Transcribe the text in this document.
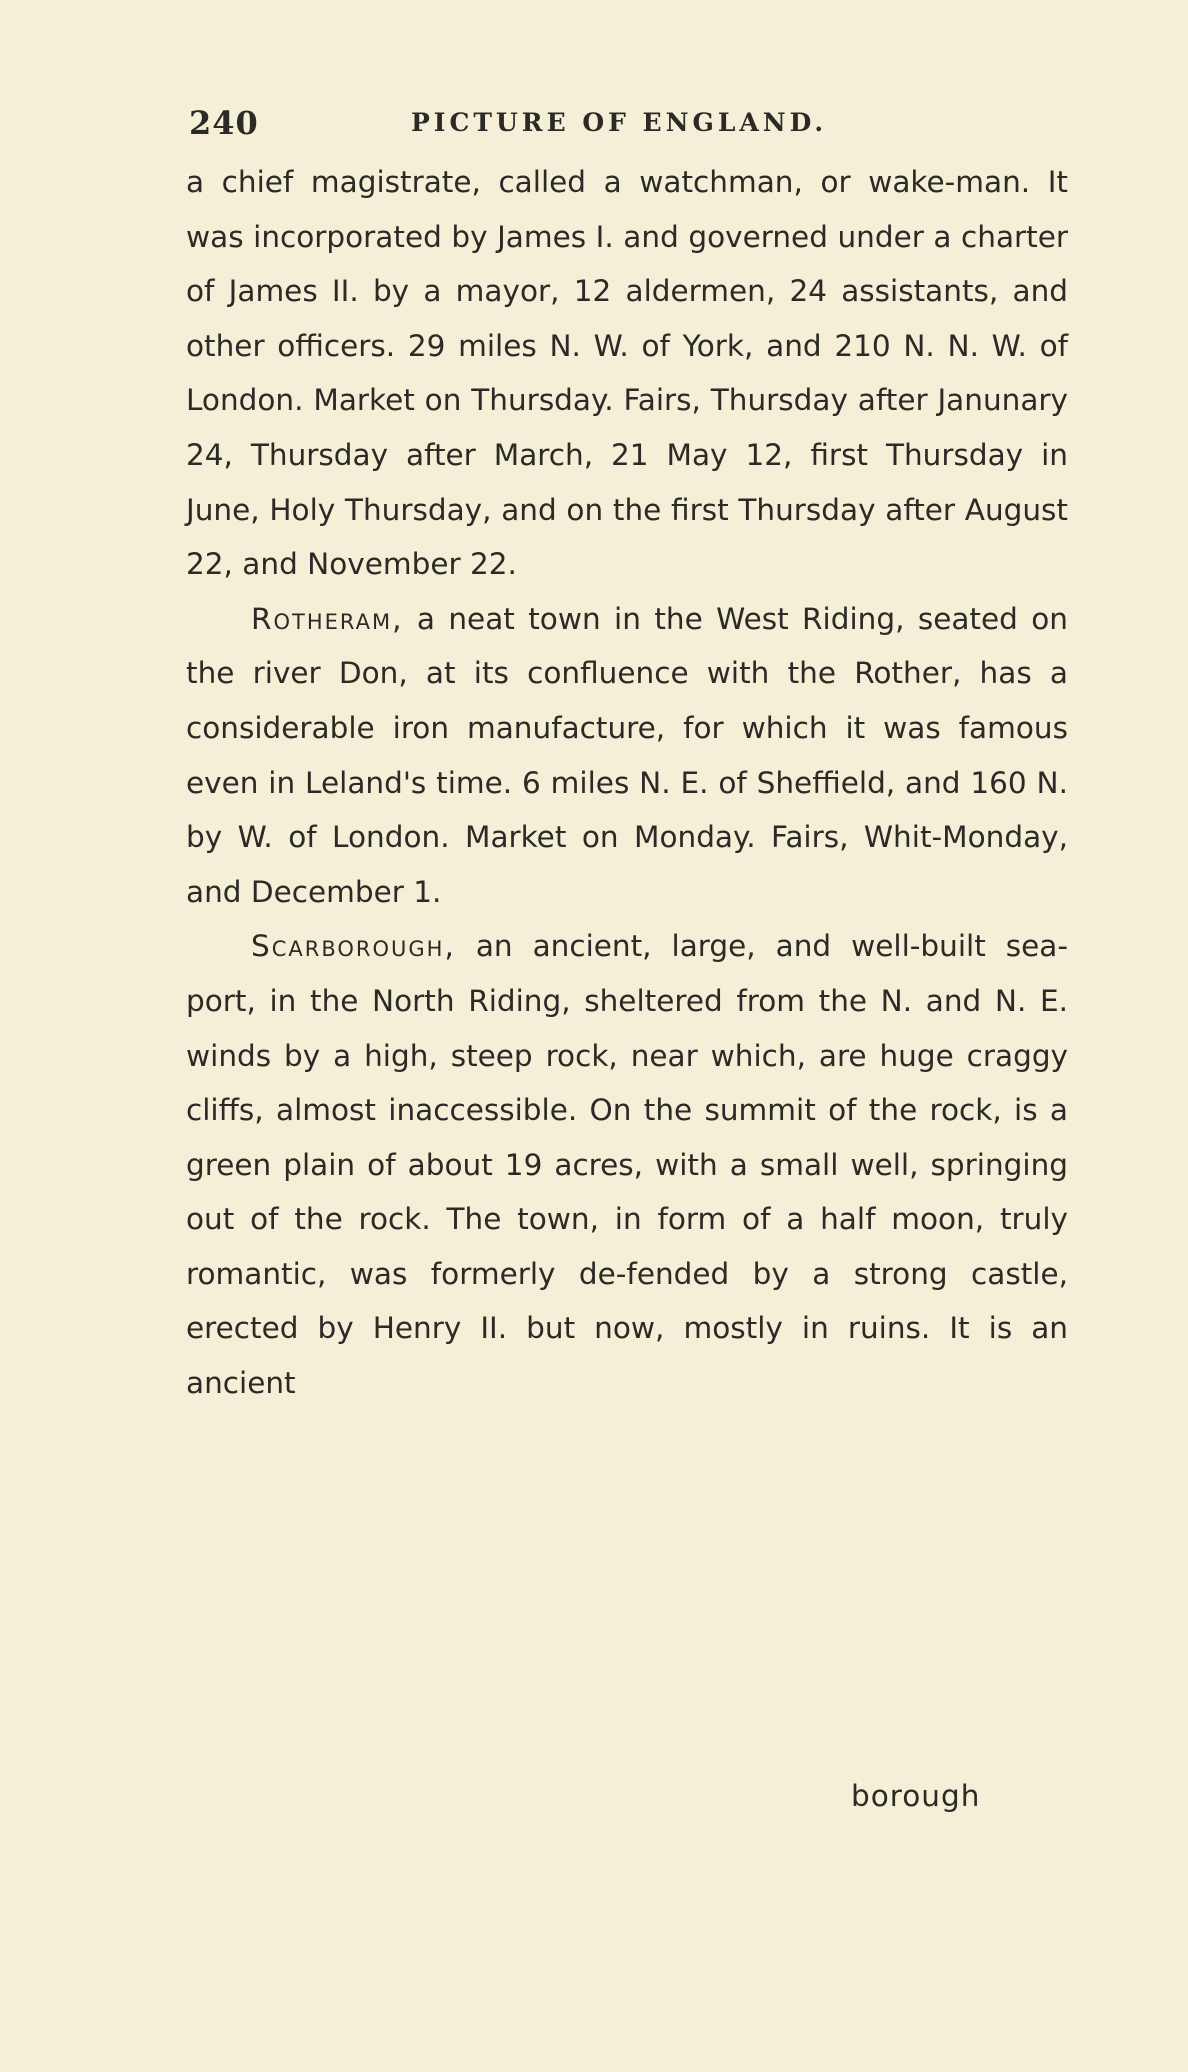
240	PICTURE OF ENGLAND.

a chief magistrate, called a watchman, or wake-man. It was incorporated by James I. and governed under a charter of James II. by a mayor, 12 aldermen, 24 assistants, and other officers. 29 miles N. W. of York, and 210 N. N. W. of London. Market on Thursday. Fairs, Thursday after Janunary 24, Thursday after March, 21 May 12, first Thursday in June, Holy Thursday, and on the first Thursday after August 22, and November 22.

Rotheram, a neat town in the West Riding, seated on the river Don, at its confluence with the Rother, has a considerable iron manufacture, for which it was famous even in Leland's time. 6 miles N. E. of Sheffield, and 160 N. by W. of London. Market on Monday. Fairs, Whit-Monday, and December 1.

Scarborough, an ancient, large, and well-built sea-port, in the North Riding, sheltered from the N. and N. E. winds by a high, steep rock, near which, are huge craggy cliffs, almost inaccessible. On the summit of the rock, is a green plain of about 19 acres, with a small well, springing out of the rock. The town, in form of a half moon, truly romantic, was formerly de-fended by a strong castle, erected by Henry II. but now, mostly in ruins. It is an ancient

borough
